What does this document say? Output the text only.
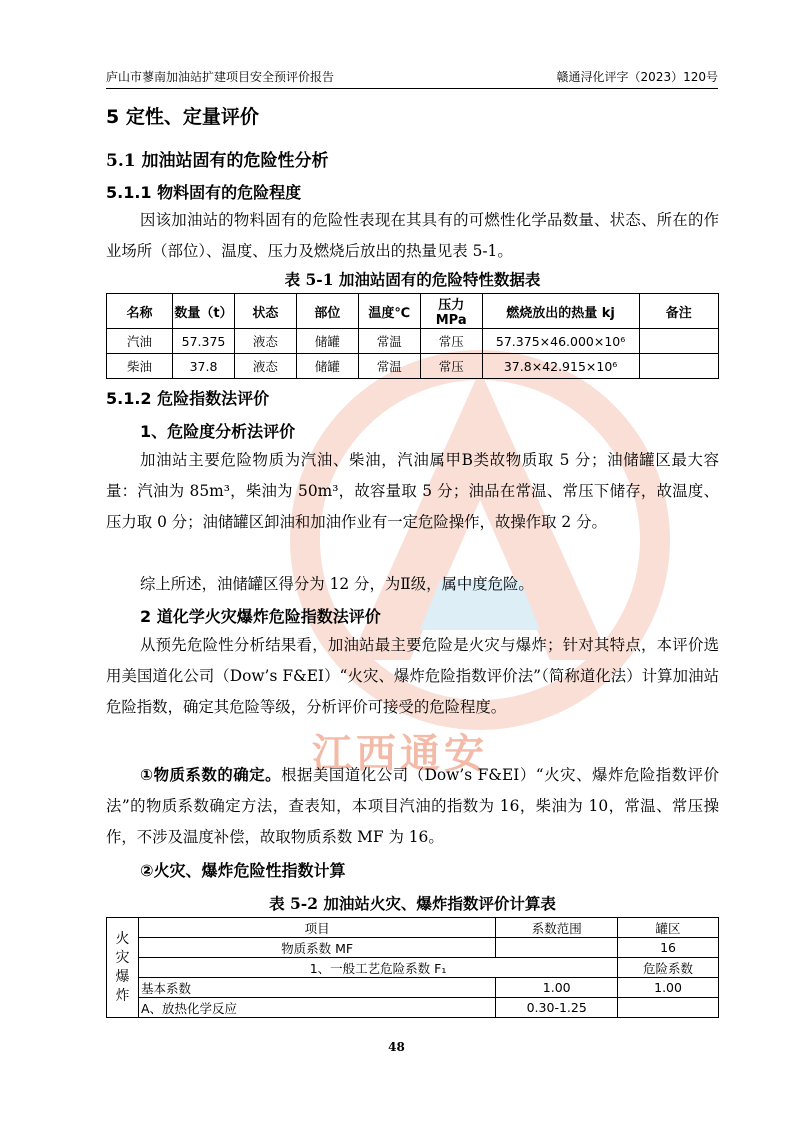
庐山市蓼南加油站扩建项目安全预评价报告	赣通浔化评字（2023）120号
江西通安
5 定性、定量评价
5.1 加油站固有的危险性分析
5.1.1 物料固有的危险程度

因该加油站的物料固有的危险性表现在其具有的可燃性化学品数量、状态、所在的作业场所（部位）、温度、压力及燃烧后放出的热量见表 5-1。

表 5-1 加油站固有的危险特性数据表
名称	数量（t）	状态	部位	温度℃	压力 MPa	燃烧放出的热量 kj	备注
汽油	57.375	液态	储罐	常温	常压	57.375×46.000×10⁶	
柴油	37.8	液态	储罐	常温	常压	37.8×42.915×10⁶	
5.1.2 危险指数法评价
1、危险度分析法评价

加油站主要危险物质为汽油、柴油，汽油属甲B类故物质取 5 分；油储罐区最大容量：汽油为 85m³，柴油为 50m³，故容量取 5 分；油品在常温、常压下储存，故温度、压力取 0 分；油储罐区卸油和加油作业有一定危险操作，故操作取 2 分。

综上所述，油储罐区得分为 12 分，为Ⅱ级，属中度危险。

2 道化学火灾爆炸危险指数法评价

从预先危险性分析结果看，加油站最主要危险是火灾与爆炸；针对其特点，本评价选用美国道化公司（Dow’s F&EI）“火灾、爆炸危险指数评价法”（简称道化法）计算加油站危险指数，确定其危险等级，分析评价可接受的危险程度。

①物质系数的确定。根据美国道化公司（Dow’s F&EI）“火灾、爆炸危险指数评价法”的物质系数确定方法，查表知，本项目汽油的指数为 16，柴油为 10，常温、常压操作，不涉及温度补偿，故取物质系数 MF 为 16。

②火灾、爆炸危险性指数计算
表 5-2 加油站火灾、爆炸指数评价计算表
火
灾
爆
炸	项目	系数范围	罐区
	物质系数 MF		16
	1、一般工艺危险系数 F₁		危险系数
	基本系数	1.00	1.00
	A、放热化学反应	0.30-1.25	
48
